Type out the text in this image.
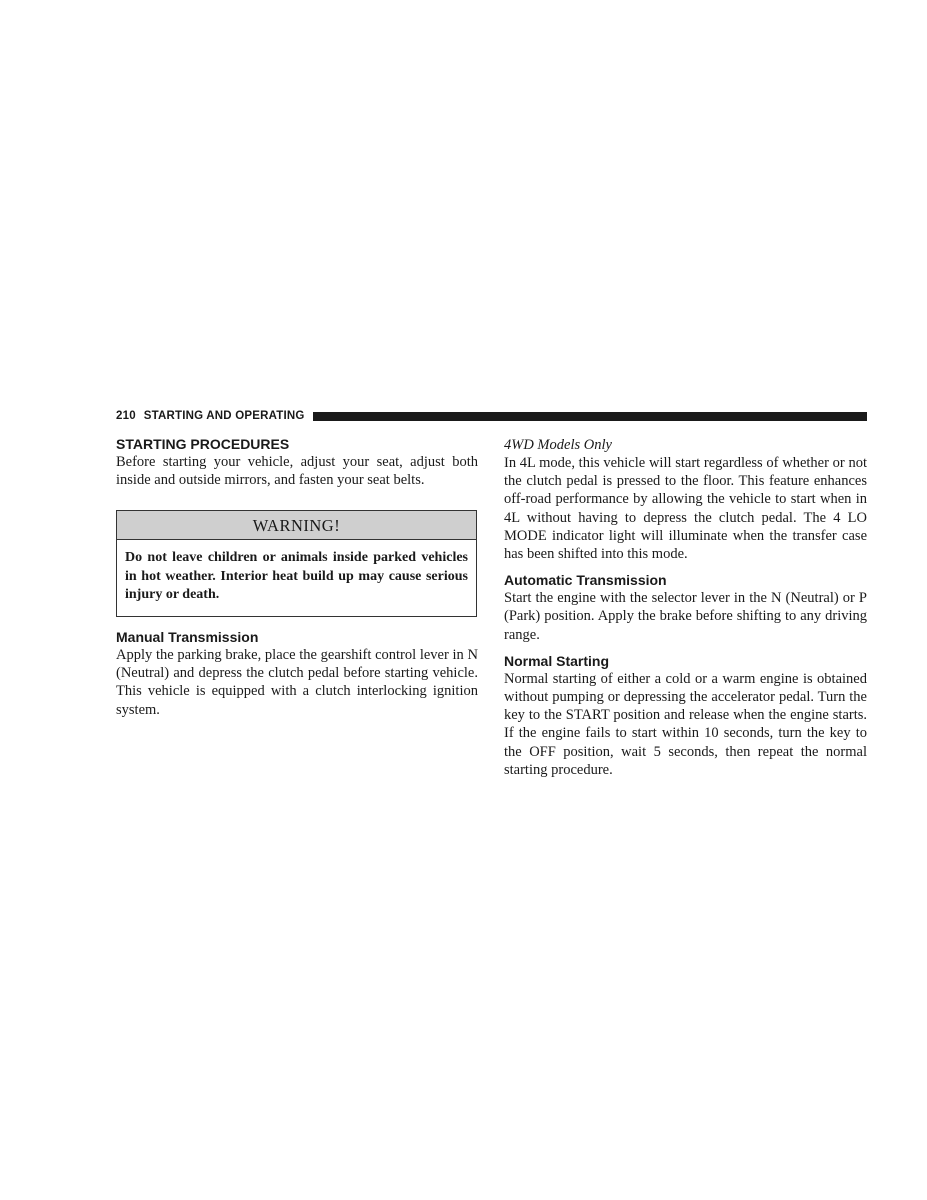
210 STARTING AND OPERATING
STARTING PROCEDURES

Before starting your vehicle, adjust your seat, adjust both inside and outside mirrors, and fasten your seat belts.

WARNING!
Do not leave children or animals inside parked vehicles in hot weather. Interior heat build up may cause serious injury or death.
Manual Transmission

Apply the parking brake, place the gearshift control lever in N (Neutral) and depress the clutch pedal before starting vehicle. This vehicle is equipped with a clutch interlocking ignition system.

4WD Models Only

In 4L mode, this vehicle will start regardless of whether or not the clutch pedal is pressed to the floor. This feature enhances off-road performance by allowing the vehicle to start when in 4L without having to depress the clutch pedal. The 4 LO MODE indicator light will illuminate when the transfer case has been shifted into this mode.

Automatic Transmission

Start the engine with the selector lever in the N (Neutral) or P (Park) position. Apply the brake before shifting to any driving range.

Normal Starting

Normal starting of either a cold or a warm engine is obtained without pumping or depressing the accelerator pedal. Turn the key to the START position and release when the engine starts. If the engine fails to start within 10 seconds, turn the key to the OFF position, wait 5 seconds, then repeat the normal starting procedure.
